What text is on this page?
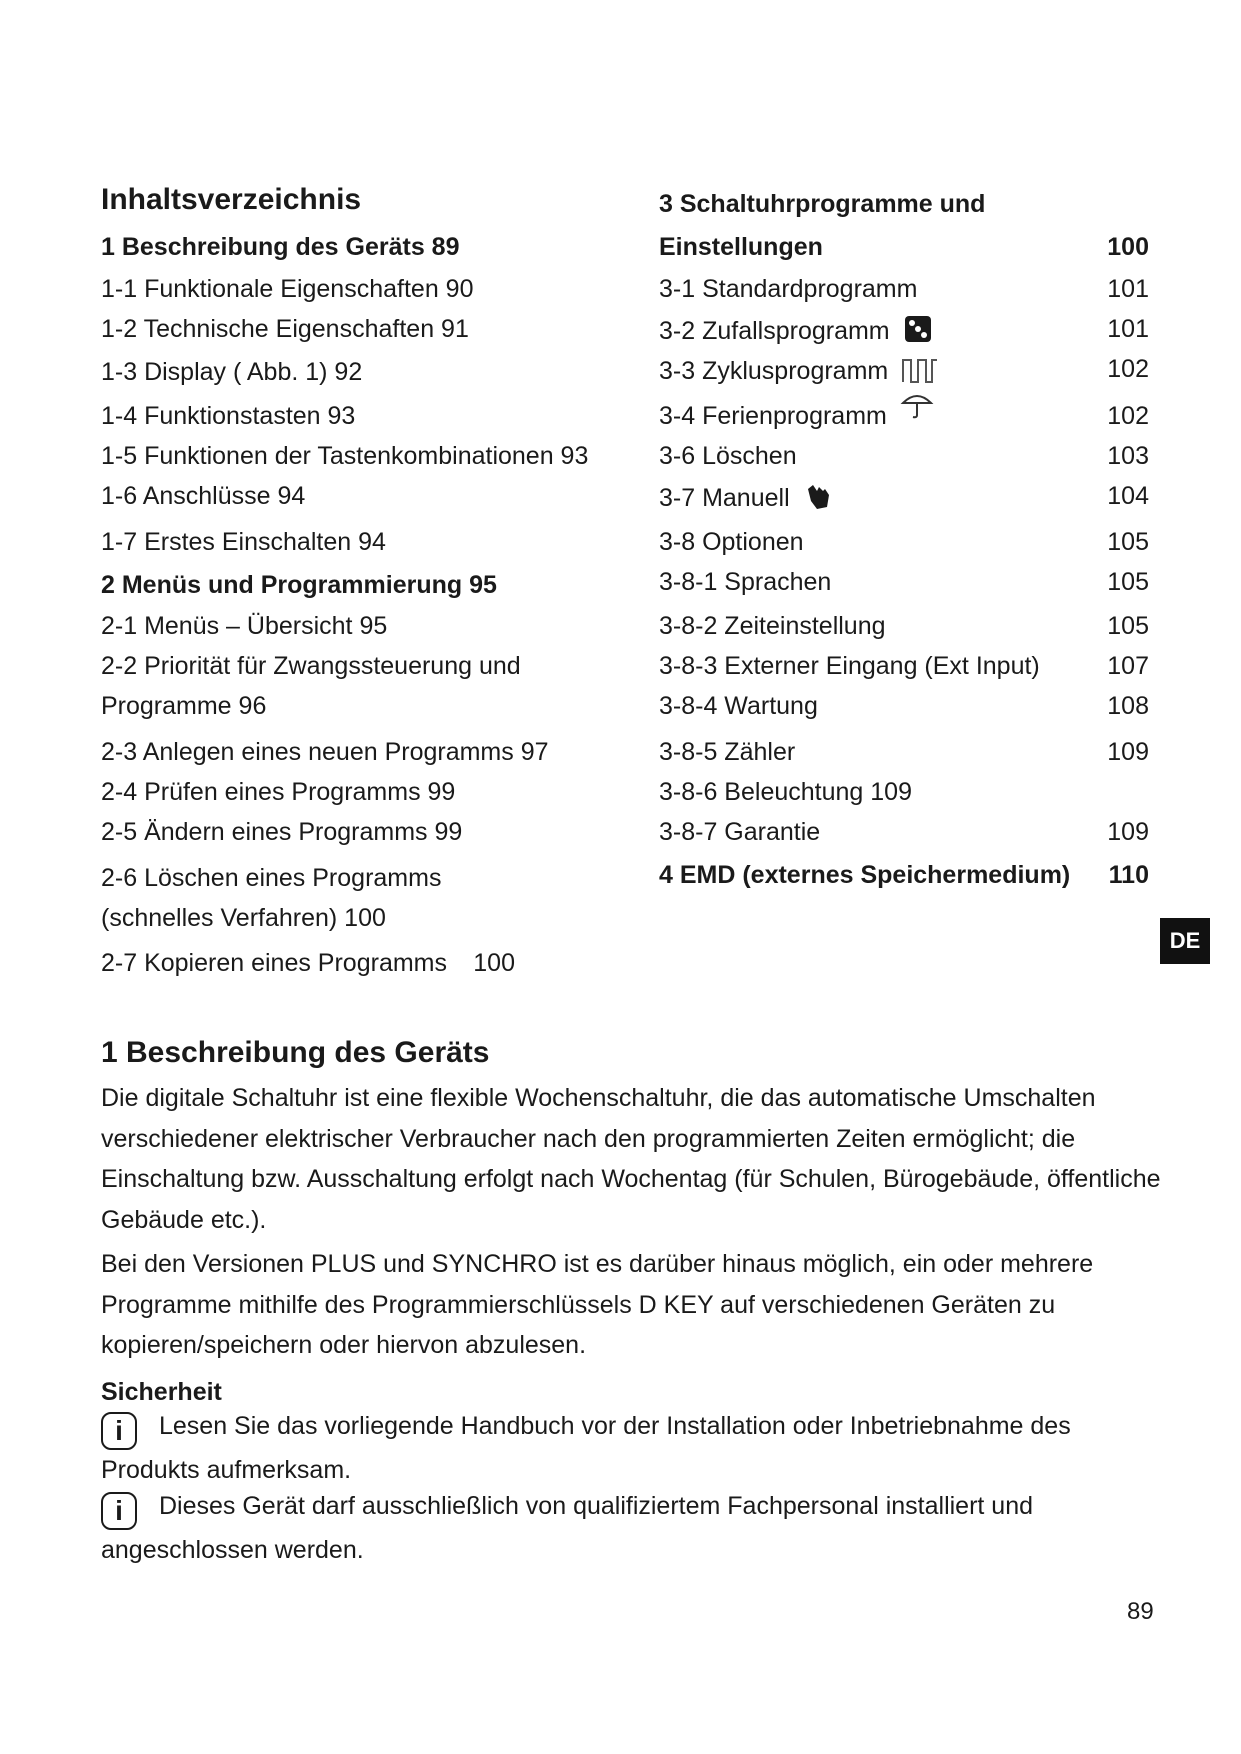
Inhaltsverzeichnis
1 Beschreibung des Geräts 89
1-1 Funktionale Eigenschaften 90
1-2 Technische Eigenschaften 91
1-3 Display ( Abb. 1) 92
1-4 Funktionstasten 93
1-5 Funktionen der Tastenkombinationen 93
1-6 Anschlüsse 94
1-7 Erstes Einschalten 94
2 Menüs und Programmierung 95
2-1 Menüs – Übersicht 95
2-2 Priorität für Zwangssteuerung und
Programme 96
2-3 Anlegen eines neuen Programms 97
2-4 Prüfen eines Programms 99
2-5 Ändern eines Programms 99
2-6 Löschen eines Programms
(schnelles Verfahren) 100
2-7 Kopieren eines Programms 100
3 Schaltuhrprogramme und
Einstellungen	100
3-1 Standardprogramm	101
3-2 Zufallsprogramm	101
3-3 Zyklusprogramm	102
3-4 Ferienprogramm	102
3-6 Löschen	103
3-7 Manuell	104
3-8 Optionen	105
3-8-1 Sprachen	105
3-8-2 Zeiteinstellung	105
3-8-3 Externer Eingang (Ext Input)	107
3-8-4 Wartung	108
3-8-5 Zähler	109
3-8-6 Beleuchtung 109
3-8-7 Garantie	109
4 EMD (externes Speichermedium) 110
DE
1 Beschreibung des Geräts
Die digitale Schaltuhr ist eine flexible Wochenschaltuhr, die das automatische Umschalten verschiedener elektrischer Verbraucher nach den programmierten Zeiten ermöglicht; die Einschaltung bzw. Ausschaltung erfolgt nach Wochentag (für Schulen, Bürogebäude, öffentliche Gebäude etc.).
Bei den Versionen PLUS und SYNCHRO ist es darüber hinaus möglich, ein oder mehrere Programme mithilfe des Programmierschlüssels D KEY auf verschiedenen Geräten zu kopieren/speichern oder hiervon abzulesen.
Sicherheit
i Lesen Sie das vorliegende Handbuch vor der Installation oder Inbetriebnahme des Produkts aufmerksam.
i Dieses Gerät darf ausschließlich von qualifiziertem Fachpersonal installiert und angeschlossen werden.
89
